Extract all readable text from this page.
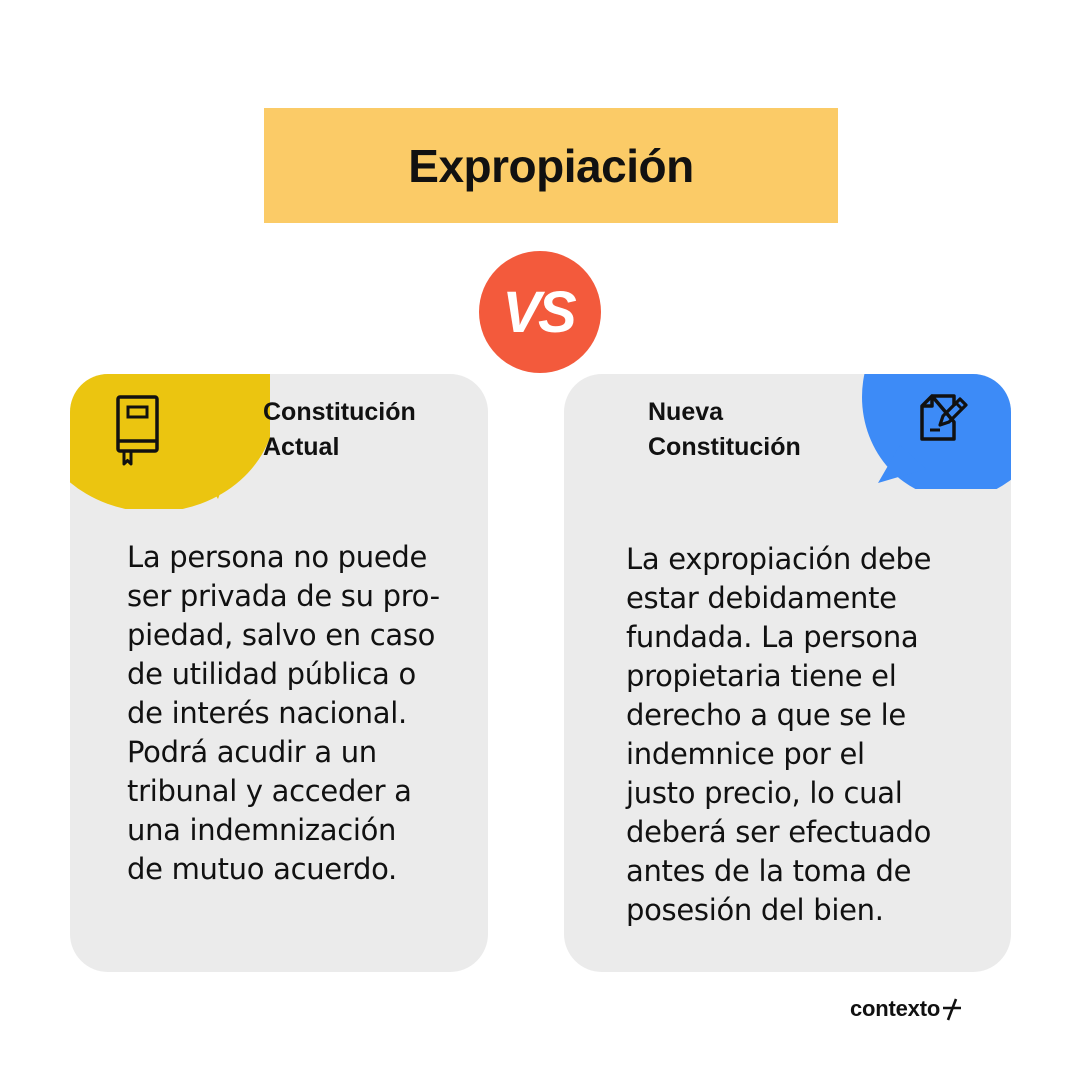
Expropiación
VS
Constitución
Actual
La persona no puede
ser privada de su pro-
piedad, salvo en caso
de utilidad pública o
de interés nacional.
Podrá acudir a un
tribunal y acceder a
una indemnización
de mutuo acuerdo.
Nueva
Constitución
La expropiación debe
estar debidamente
fundada. La persona
propietaria tiene el
derecho a que se le
indemnice por el
justo precio, lo cual
deberá ser efectuado
antes de la toma de
posesión del bien.
contexto
